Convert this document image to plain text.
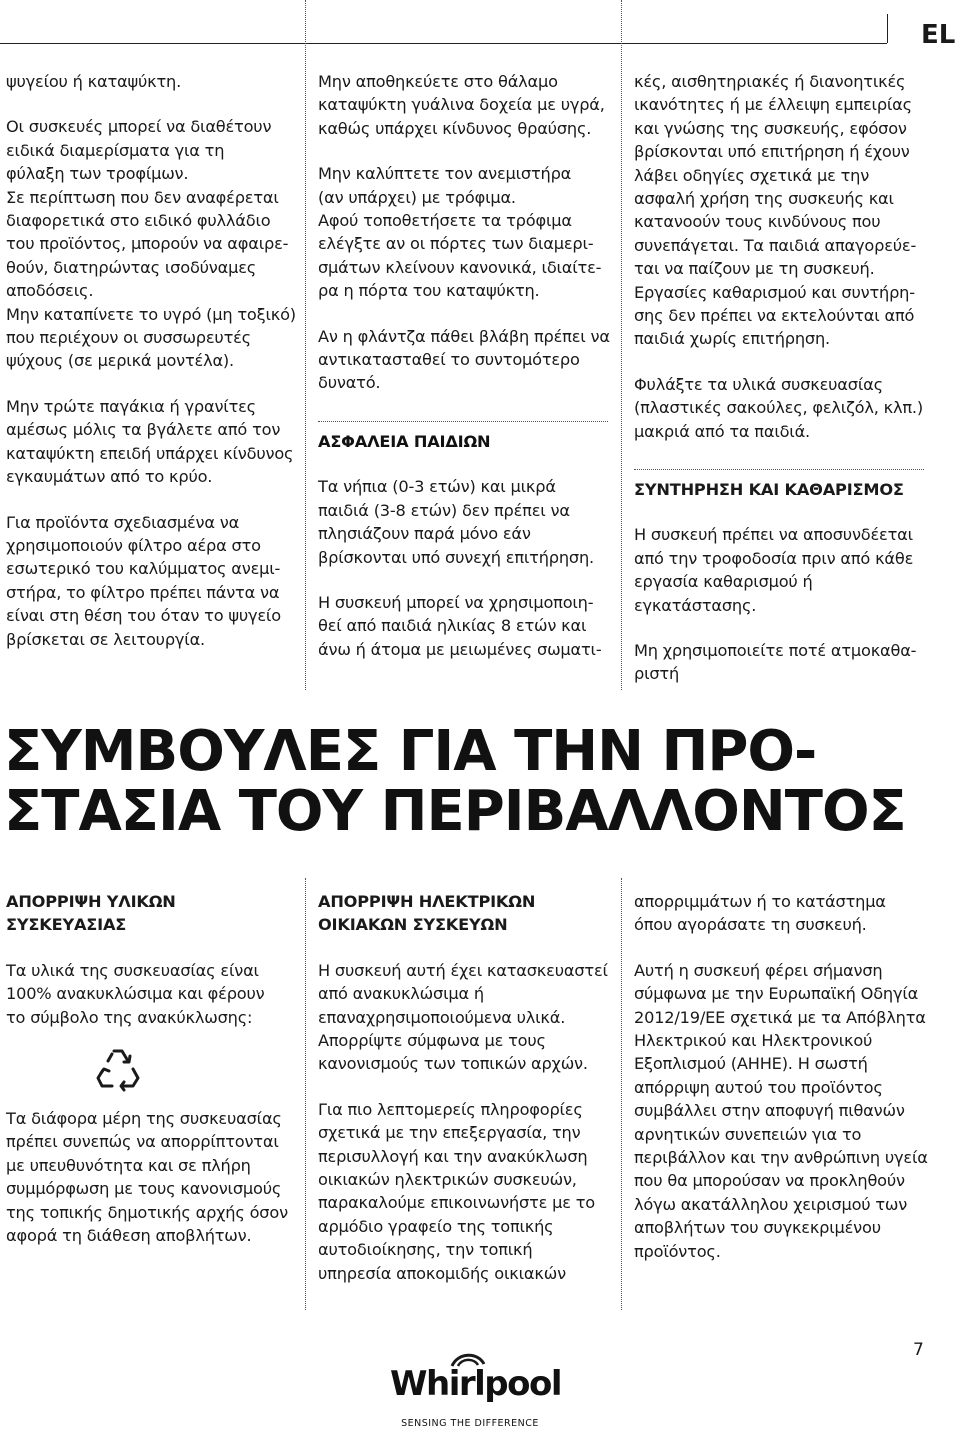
EL

ψυγείου ή καταψύκτη.

Οι συσκευές μπορεί να διαθέτουν ειδικά διαμερίσματα για τη φύλαξη των τροφίμων.

Σε περίπτωση που δεν αναφέρεται διαφορετικά στο ειδικό φυλλάδιο του προϊόντος, μπορούν να αφαιρε- θούν, διατηρώντας ισοδύναμες αποδόσεις.

Μην καταπίνετε το υγρό (μη τοξικό) που περιέχουν οι συσσωρευτές ψύχους (σε μερικά μοντέλα).

Μην τρώτε παγάκια ή γρανίτες αμέσως μόλις τα βγάλετε από τον καταψύκτη επειδή υπάρχει κίνδυνος εγκαυμάτων από το κρύο.

Για προϊόντα σχεδιασμένα να χρησιμοποιούν φίλτρο αέρα στο εσωτερικό του καλύμματος ανεμι- στήρα, το φίλτρο πρέπει πάντα να είναι στη θέση του όταν το ψυγείο βρίσκεται σε λειτουργία.

Μην αποθηκεύετε στο θάλαμο καταψύκτη γυάλινα δοχεία με υγρά, καθώς υπάρχει κίνδυνος θραύσης.

Μην καλύπτετε τον ανεμιστήρα (αν υπάρχει) με τρόφιμα.

Αφού τοποθετήσετε τα τρόφιμα ελέγξτε αν οι πόρτες των διαμερι- σμάτων κλείνουν κανονικά, ιδιαίτε- ρα η πόρτα του καταψύκτη.

Αν η φλάντζα πάθει βλάβη πρέπει να αντικατασταθεί το συντομότερο δυνατό.

ΑΣΦΑΛΕΙΑ ΠΑΙΔΙΩΝ

Τα νήπια (0-3 ετών) και μικρά παιδιά (3-8 ετών) δεν πρέπει να πλησιάζουν παρά μόνο εάν βρίσκονται υπό συνεχή επιτήρηση.

Η συσκευή μπορεί να χρησιμοποιη- θεί από παιδιά ηλικίας 8 ετών και άνω ή άτομα με μειωμένες σωματι-

κές, αισθητηριακές ή διανοητικές ικανότητες ή με έλλειψη εμπειρίας και γνώσης της συσκευής, εφόσον βρίσκονται υπό επιτήρηση ή έχουν λάβει οδηγίες σχετικά με την ασφαλή χρήση της συσκευής και κατανοούν τους κινδύνους που συνεπάγεται. Τα παιδιά απαγορεύε- ται να παίζουν με τη συσκευή.

Εργασίες καθαρισμού και συντήρη- σης δεν πρέπει να εκτελούνται από παιδιά χωρίς επιτήρηση.

Φυλάξτε τα υλικά συσκευασίας (πλαστικές σακούλες, φελιζόλ, κλπ.) μακριά από τα παιδιά.

ΣΥΝΤΗΡΗΣΗ ΚΑΙ ΚΑΘΑΡΙΣΜΟΣ

Η συσκευή πρέπει να αποσυνδέεται από την τροφοδοσία πριν από κάθε εργασία καθαρισμού ή εγκατάστασης.

Μη χρησιμοποιείτε ποτέ ατμοκαθα- ριστή

ΣΥΜΒΟΥΛΕΣ ΓΙΑ ΤΗΝ ΠΡΟ-
ΣΤΑΣΙΑ ΤΟΥ ΠΕΡΙΒΑΛΛΟΝΤΟΣ

ΑΠΟΡΡΙΨΗ ΥΛΙΚΩΝ ΣΥΣΚΕΥΑΣΙΑΣ

Τα υλικά της συσκευασίας είναι 100% ανακυκλώσιμα και φέρουν το σύμβολο της ανακύκλωσης:

Τα διάφορα μέρη της συσκευασίας πρέπει συνεπώς να απορρίπτονται με υπευθυνότητα και σε πλήρη συμμόρφωση με τους κανονισμούς της τοπικής δημοτικής αρχής όσον αφορά τη διάθεση αποβλήτων.

ΑΠΟΡΡΙΨΗ ΗΛΕΚΤΡΙΚΩΝ ΟΙΚΙΑΚΩΝ ΣΥΣΚΕΥΩΝ

Η συσκευή αυτή έχει κατασκευαστεί από ανακυκλώσιμα ή επαναχρησιμοποιούμενα υλικά. Απορρίψτε σύμφωνα με τους κανονισμούς των τοπικών αρχών.

Για πιο λεπτομερείς πληροφορίες σχετικά με την επεξεργασία, την περισυλλογή και την ανακύκλωση οικιακών ηλεκτρικών συσκευών, παρακαλούμε επικοινωνήστε με το αρμόδιο γραφείο της τοπικής αυτοδιοίκησης, την τοπική υπηρεσία αποκομιδής οικιακών

απορριμμάτων ή το κατάστημα όπου αγοράσατε τη συσκευή.

Αυτή η συσκευή φέρει σήμανση σύμφωνα με την Ευρωπαϊκή Οδηγία 2012/19/ΕΕ σχετικά με τα Απόβλητα Ηλεκτρικού και Ηλεκτρονικού Εξοπλισμού (ΑΗΗΕ). Η σωστή απόρριψη αυτού του προϊόντος συμβάλλει στην αποφυγή πιθανών αρνητικών συνεπειών για το περιβάλλον και την ανθρώπινη υγεία που θα μπορούσαν να προκληθούν λόγω ακατάλληλου χειρισμού των αποβλήτων του συγκεκριμένου προϊόντος.

7
Whirlpool
SENSING THE DIFFERENCE
